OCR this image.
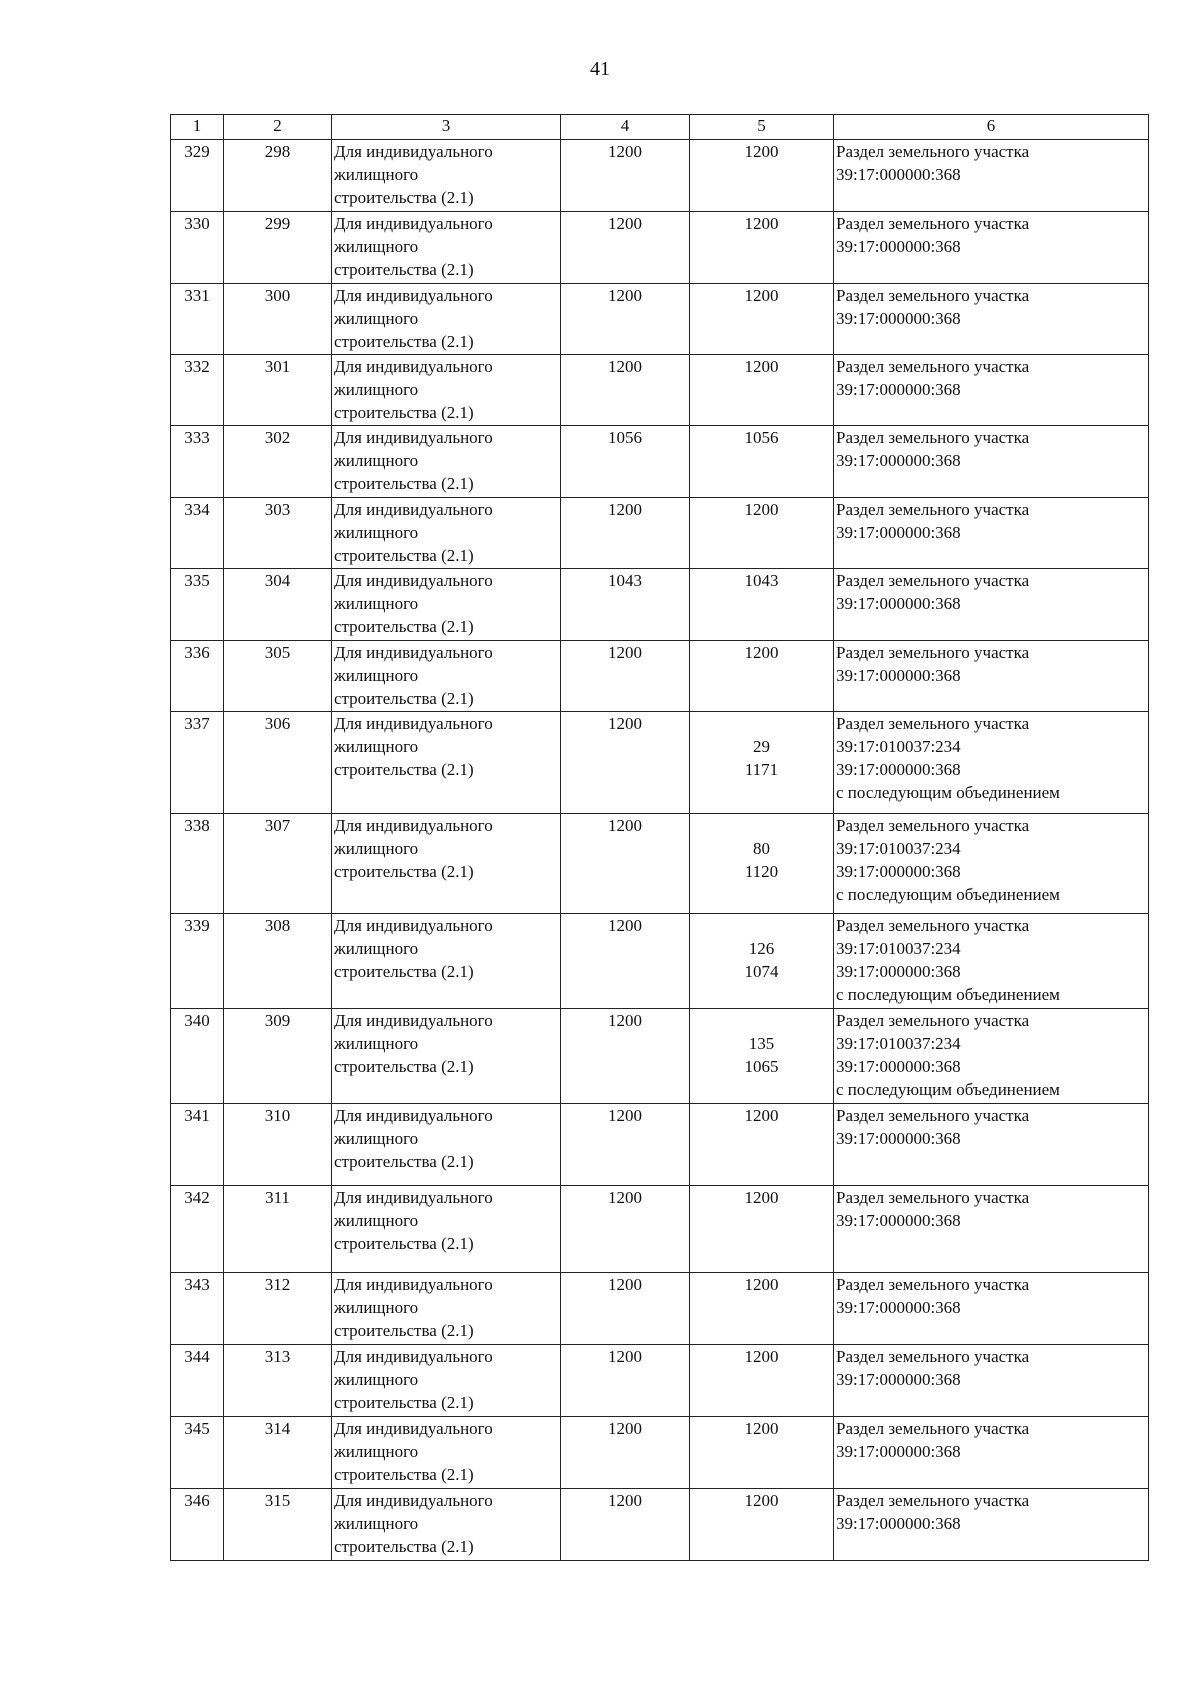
41
1	2	3	4	5	6
329	298	Для индивидуального
жилищного
строительства (2.1)	1200	1200	Раздел земельного участка
39:17:000000:368

330	299	Для индивидуального
жилищного
строительства (2.1)	1200	1200	Раздел земельного участка
39:17:000000:368

331	300	Для индивидуального
жилищного
строительства (2.1)	1200	1200	Раздел земельного участка
39:17:000000:368

332	301	Для индивидуального
жилищного
строительства (2.1)	1200	1200	Раздел земельного участка
39:17:000000:368

333	302	Для индивидуального
жилищного
строительства (2.1)	1056	1056	Раздел земельного участка
39:17:000000:368

334	303	Для индивидуального
жилищного
строительства (2.1)	1200	1200	Раздел земельного участка
39:17:000000:368

335	304	Для индивидуального
жилищного
строительства (2.1)	1043	1043	Раздел земельного участка
39:17:000000:368

336	305	Для индивидуального
жилищного
строительства (2.1)	1200	1200	Раздел земельного участка
39:17:000000:368

337	306	Для индивидуального
жилищного
строительства (2.1)	1200	29
1171	Раздел земельного участка
39:17:010037:234
39:17:000000:368
с последующим объединением

338	307	Для индивидуального
жилищного
строительства (2.1)	1200	80
1120	Раздел земельного участка
39:17:010037:234
39:17:000000:368
с последующим объединением

339	308	Для индивидуального
жилищного
строительства (2.1)	1200	126
1074	Раздел земельного участка
39:17:010037:234
39:17:000000:368
с последующим объединением

340	309	Для индивидуального
жилищного
строительства (2.1)	1200	135
1065	Раздел земельного участка
39:17:010037:234
39:17:000000:368
с последующим объединением

341	310	Для индивидуального
жилищного
строительства (2.1)	1200	1200	Раздел земельного участка
39:17:000000:368

342	311	Для индивидуального
жилищного
строительства (2.1)	1200	1200	Раздел земельного участка
39:17:000000:368

343	312	Для индивидуального
жилищного
строительства (2.1)	1200	1200	Раздел земельного участка
39:17:000000:368

344	313	Для индивидуального
жилищного
строительства (2.1)	1200	1200	Раздел земельного участка
39:17:000000:368

345	314	Для индивидуального
жилищного
строительства (2.1)	1200	1200	Раздел земельного участка
39:17:000000:368

346	315	Для индивидуального
жилищного
строительства (2.1)	1200	1200	Раздел земельного участка
39:17:000000:368
